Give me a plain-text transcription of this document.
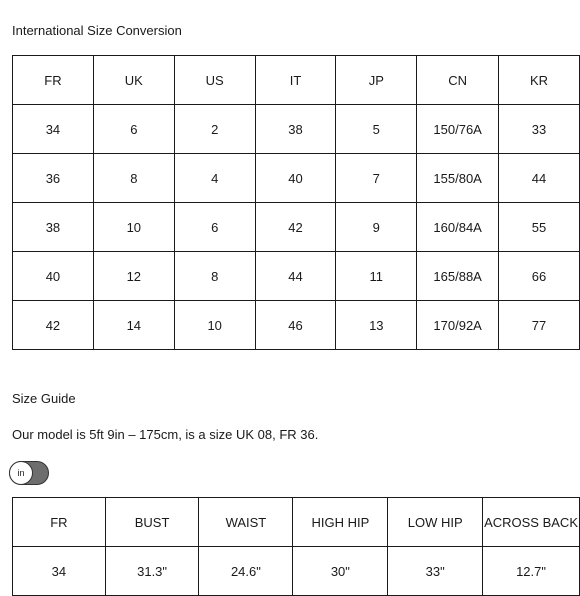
International Size Conversion
FR	UK	US	IT	JP	CN	KR
34	6	2	38	5	150/76A	33
36	8	4	40	7	155/80A	44
38	10	6	42	9	160/84A	55
40	12	8	44	11	165/88A	66
42	14	10	46	13	170/92A	77
Size Guide
Our model is 5ft 9in – 175cm, is a size UK 08, FR 36.
in
FR	BUST	WAIST	HIGH HIP	LOW HIP	ACROSS BACK
34	31.3"	24.6"	30"	33"	12.7"
